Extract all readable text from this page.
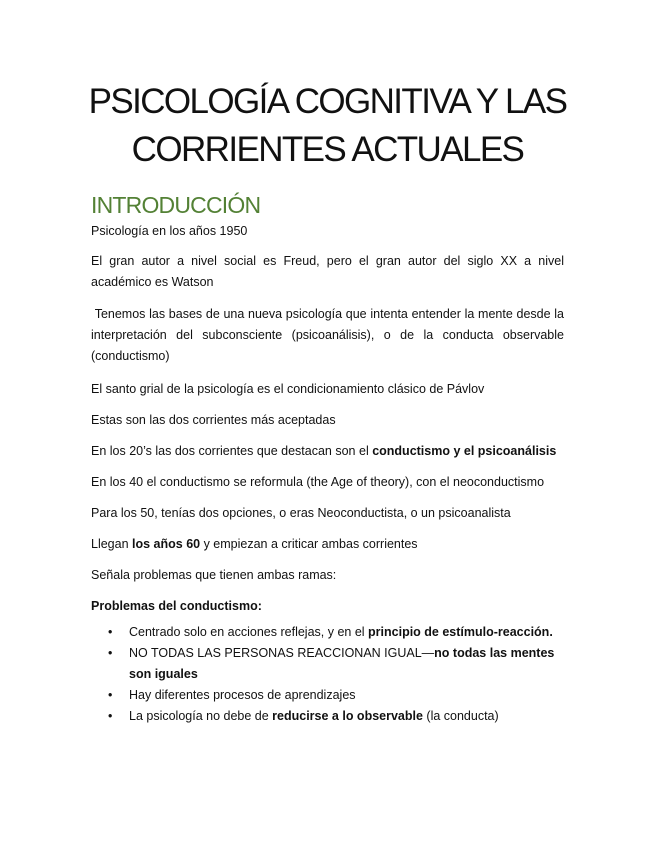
PSICOLOGÍA COGNITIVA Y LAS
CORRIENTES ACTUALES
INTRODUCCIÓN

Psicología en los años 1950

El gran autor a nivel social es Freud, pero el gran autor del siglo XX a nivel académico es Watson

Tenemos las bases de una nueva psicología que intenta entender la mente desde la interpretación del subconsciente (psicoanálisis), o de la conducta observable (conductismo)

El santo grial de la psicología es el condicionamiento clásico de Pávlov

Estas son las dos corrientes más aceptadas

En los 20’s las dos corrientes que destacan son el conductismo y el psicoanálisis

En los 40 el conductismo se reformula (the Age of theory), con el neoconductismo

Para los 50, tenías dos opciones, o eras Neoconductista, o un psicoanalista

Llegan los años 60 y empiezan a criticar ambas corrientes

Señala problemas que tienen ambas ramas:

Problemas del conductismo:

• Centrado solo en acciones reflejas, y en el principio de estímulo-reacción.
• NO TODAS LAS PERSONAS REACCIONAN IGUAL—no todas las mentes son iguales
• Hay diferentes procesos de aprendizajes
• La psicología no debe de reducirse a lo observable (la conducta)
